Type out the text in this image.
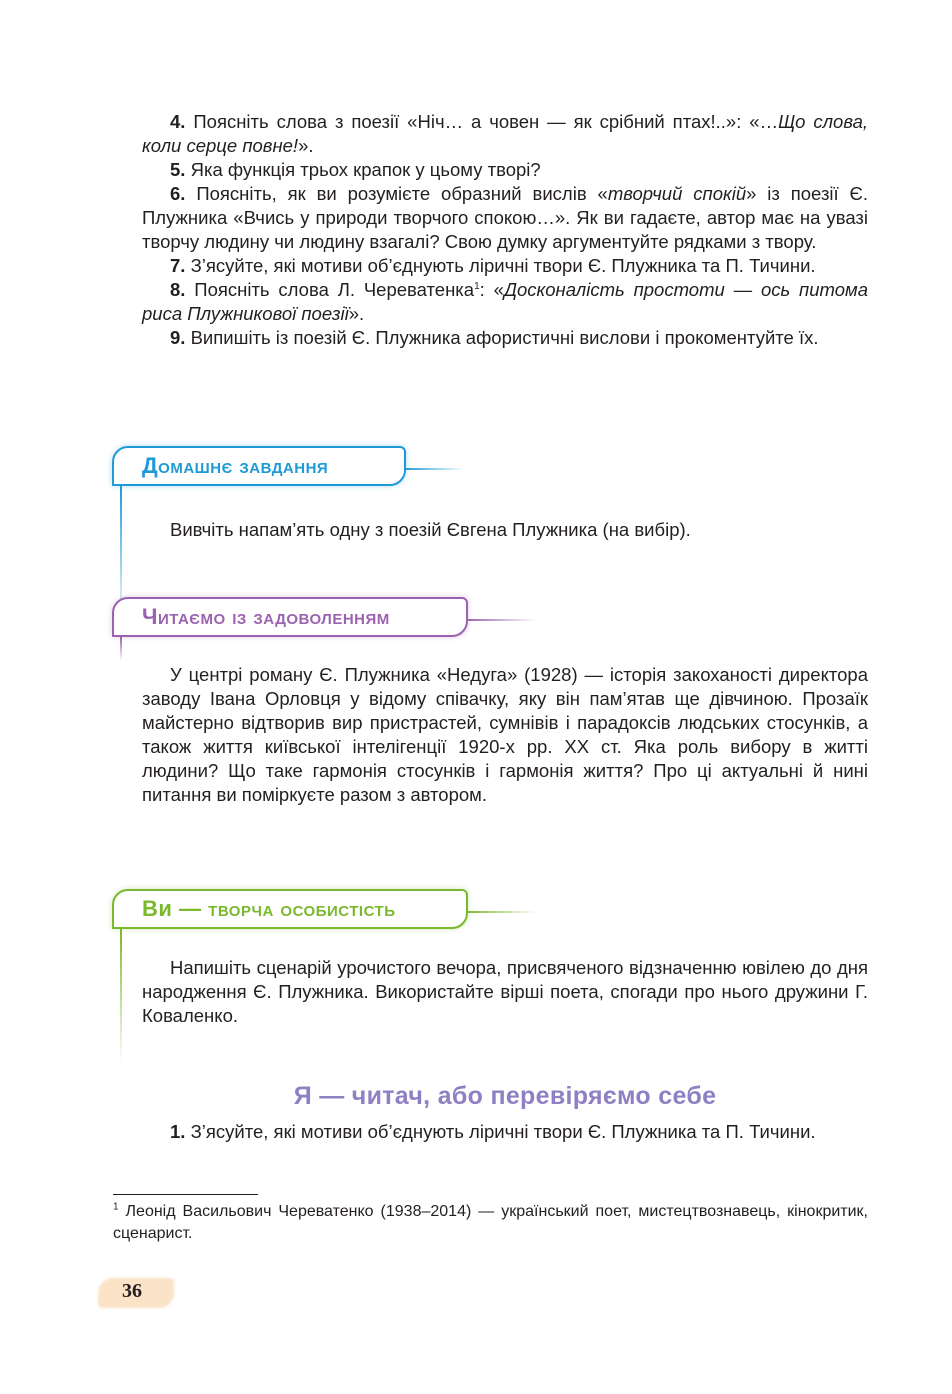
4. Поясніть слова з поезії «Ніч… а човен — як срібний птах!..»: «…Що слова, коли серце повне!».

5. Яка функція трьох крапок у цьому творі?

6. Поясніть, як ви розумієте образний вислів «творчий спокій» із поезії Є. Плужника «Вчись у природи творчого спокою…». Як ви гадаєте, автор має на увазі творчу людину чи людину взагалі? Свою думку аргументуйте рядками з твору.

7. З’ясуйте, які мотиви об’єднують ліричні твори Є. Плужника та П. Тичини.

8. Поясніть слова Л. Череватенка$^1$: «Досконалість простоти — ось питома риса Плужникової поезії».

9. Випишіть із поезій Є. Плужника афористичні вислови і прокоментуйте їх.

Домашнє завдання

Вивчіть напам’ять одну з поезій Євгена Плужника (на вибір).

Читаємо із задоволенням

У центрі роману Є. Плужника «Недуга» (1928) — історія закоханості директора заводу Івана Орловця у відому співачку, яку він пам’ятав ще дівчиною. Прозаїк майстерно відтворив вир пристрастей, сумнівів і парадоксів людських стосунків, а також життя київської інтелігенції 1920-х рр. XX ст. Яка роль вибору в житті людини? Що таке гармонія стосунків і гармонія життя? Про ці актуальні й нині питання ви поміркуєте разом з автором.

Ви —
творча особистість

Напишіть сценарій урочистого вечора, присвяченого відзначенню ювілею до дня народження Є. Плужника. Використайте вірші поета, спогади про нього дружини Г. Коваленко.

Я — читач, або перевіряємо себе

1. З’ясуйте, які мотиви об’єднують ліричні твори Є. Плужника та П. Тичини.

$^1$ Леонід Васильович Череватенко (1938–2014) — український поет, мистецтвознавець, кінокритик, сценарист.
36
